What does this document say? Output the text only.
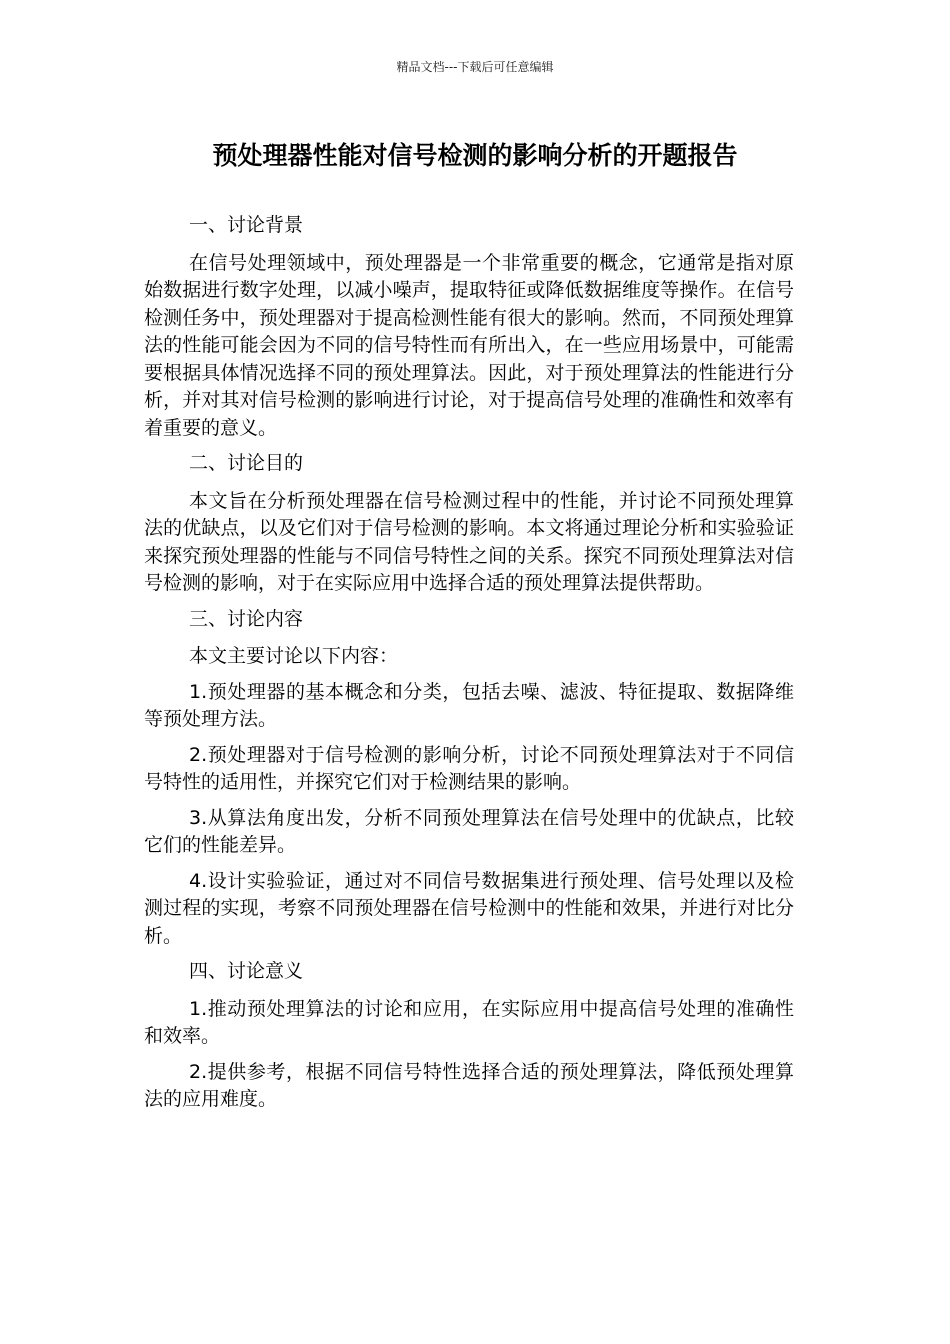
精品文档---下载后可任意编辑
预处理器性能对信号检测的影响分析的开题报告

一、讨论背景

在信号处理领域中，预处理器是一个非常重要的概念，它通常是指对原始数据进行数字处理，以减小噪声，提取特征或降低数据维度等操作。在信号检测任务中，预处理器对于提高检测性能有很大的影响。然而，不同预处理算法的性能可能会因为不同的信号特性而有所出入，在一些应用场景中，可能需要根据具体情况选择不同的预处理算法。因此，对于预处理算法的性能进行分析，并对其对信号检测的影响进行讨论，对于提高信号处理的准确性和效率有着重要的意义。

二、讨论目的

本文旨在分析预处理器在信号检测过程中的性能，并讨论不同预处理算法的优缺点，以及它们对于信号检测的影响。本文将通过理论分析和实验验证来探究预处理器的性能与不同信号特性之间的关系。探究不同预处理算法对信号检测的影响，对于在实际应用中选择合适的预处理算法提供帮助。

三、讨论内容

本文主要讨论以下内容：

1.预处理器的基本概念和分类，包括去噪、滤波、特征提取、数据降维等预处理方法。

2.预处理器对于信号检测的影响分析，讨论不同预处理算法对于不同信号特性的适用性，并探究它们对于检测结果的影响。

3.从算法角度出发，分析不同预处理算法在信号处理中的优缺点，比较它们的性能差异。

4.设计实验验证，通过对不同信号数据集进行预处理、信号处理以及检测过程的实现，考察不同预处理器在信号检测中的性能和效果，并进行对比分析。

四、讨论意义

1.推动预处理算法的讨论和应用，在实际应用中提高信号处理的准确性和效率。

2.提供参考，根据不同信号特性选择合适的预处理算法，降低预处理算法的应用难度。
